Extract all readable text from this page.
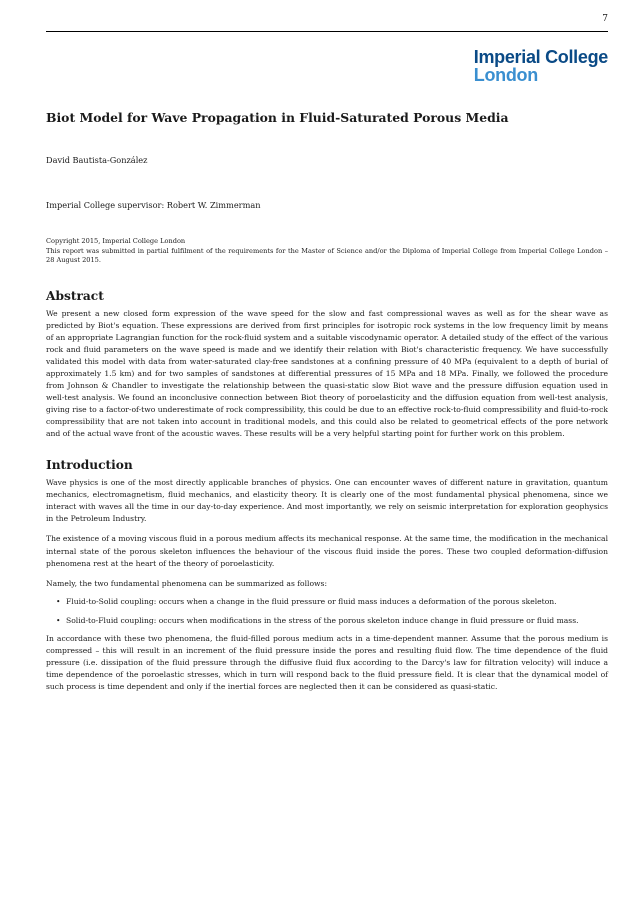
7
Imperial College
London
Biot Model for Wave Propagation in Fluid-Saturated Porous Media
David Bautista-González
Imperial College supervisor: Robert W. Zimmerman
Copyright 2015, Imperial College London
This report was submitted in partial fulfilment of the requirements for the Master of Science and/or the Diploma of Imperial College from Imperial College London – 28 August 2015.
Abstract

We present a new closed form expression of the wave speed for the slow and fast compressional waves as well as for the shear wave as predicted by Biot's equation. These expressions are derived from first principles for isotropic rock systems in the low frequency limit by means of an appropriate Lagrangian function for the rock-fluid system and a suitable viscodynamic operator. A detailed study of the effect of the various rock and fluid parameters on the wave speed is made and we identify their relation with Biot's characteristic frequency. We have successfully validated this model with data from water-saturated clay-free sandstones at a confining pressure of 40 MPa (equivalent to a depth of burial of approximately 1.5 km) and for two samples of sandstones at differential pressures of 15 MPa and 18 MPa. Finally, we followed the procedure from Johnson & Chandler to investigate the relationship between the quasi-static slow Biot wave and the pressure diffusion equation used in well-test analysis. We found an inconclusive connection between Biot theory of poroelasticity and the diffusion equation from well-test analysis, giving rise to a factor-of-two underestimate of rock compressibility, this could be due to an effective rock-to-fluid compressibility and fluid-to-rock compressibility that are not taken into account in traditional models, and this could also be related to geometrical effects of the pore network and of the actual wave front of the acoustic waves. These results will be a very helpful starting point for further work on this problem.

Introduction

Wave physics is one of the most directly applicable branches of physics. One can encounter waves of different nature in gravitation, quantum mechanics, electromagnetism, fluid mechanics, and elasticity theory. It is clearly one of the most fundamental physical phenomena, since we interact with waves all the time in our day-to-day experience. And most importantly, we rely on seismic interpretation for exploration geophysics in the Petroleum Industry.

The existence of a moving viscous fluid in a porous medium affects its mechanical response. At the same time, the modification in the mechanical internal state of the porous skeleton influences the behaviour of the viscous fluid inside the pores. These two coupled deformation-diffusion phenomena rest at the heart of the theory of poroelasticity.

Namely, the two fundamental phenomena can be summarized as follows:

• Fluid-to-Solid coupling: occurs when a change in the fluid pressure or fluid mass induces a deformation of the porous skeleton.
• Solid-to-Fluid coupling: occurs when modifications in the stress of the porous skeleton induce change in fluid pressure or fluid mass.

In accordance with these two phenomena, the fluid-filled porous medium acts in a time-dependent manner. Assume that the porous medium is compressed – this will result in an increment of the fluid pressure inside the pores and resulting fluid flow. The time dependence of the fluid pressure (i.e. dissipation of the fluid pressure through the diffusive fluid flux according to the Darcy's law for filtration velocity) will induce a time dependence of the poroelastic stresses, which in turn will respond back to the fluid pressure field. It is clear that the dynamical model of such process is time dependent and only if the inertial forces are neglected then it can be considered as quasi-static.
